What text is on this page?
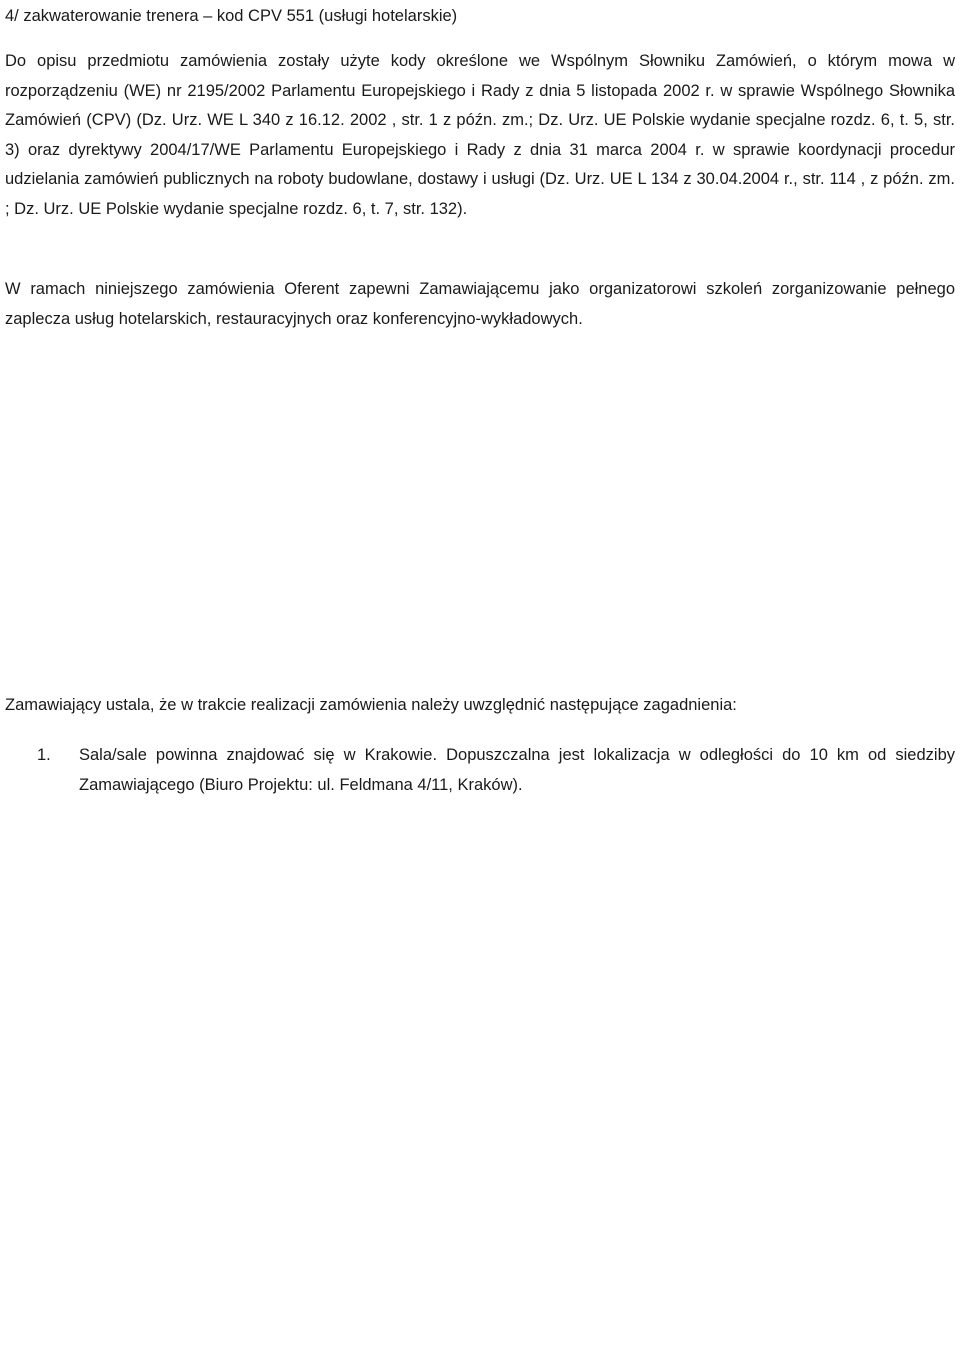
4/ zakwaterowanie trenera – kod CPV 551 (usługi hotelarskie)

Do opisu przedmiotu zamówienia zostały użyte kody określone we Wspólnym Słowniku Zamówień, o którym mowa w rozporządzeniu (WE) nr 2195/2002 Parlamentu Europejskiego i Rady z dnia 5 listopada 2002 r. w sprawie Wspólnego Słownika Zamówień (CPV) (Dz. Urz. WE L 340 z 16.12. 2002 , str. 1 z późn. zm.; Dz. Urz. UE Polskie wydanie specjalne rozdz. 6, t. 5, str. 3) oraz dyrektywy 2004/17/WE Parlamentu Europejskiego i Rady z dnia 31 marca 2004 r. w sprawie koordynacji procedur udzielania zamówień publicznych na roboty budowlane, dostawy i usługi (Dz. Urz. UE L 134 z 30.04.2004 r., str. 114 , z późn. zm. ; Dz. Urz. UE Polskie wydanie specjalne rozdz. 6, t. 7, str. 132).

W ramach niniejszego zamówienia Oferent zapewni Zamawiającemu jako organizatorowi szkoleń zorganizowanie pełnego zaplecza usług hotelarskich, restauracyjnych oraz konferencyjno-wykładowych.

Zamawiający ustala, że w trakcie realizacji zamówienia należy uwzględnić następujące zagadnienia:

1.	Sala/sale powinna znajdować się w Krakowie. Dopuszczalna jest lokalizacja w odległości do 10 km od siedziby Zamawiającego (Biuro Projektu: ul. Feldmana 4/11, Kraków).
